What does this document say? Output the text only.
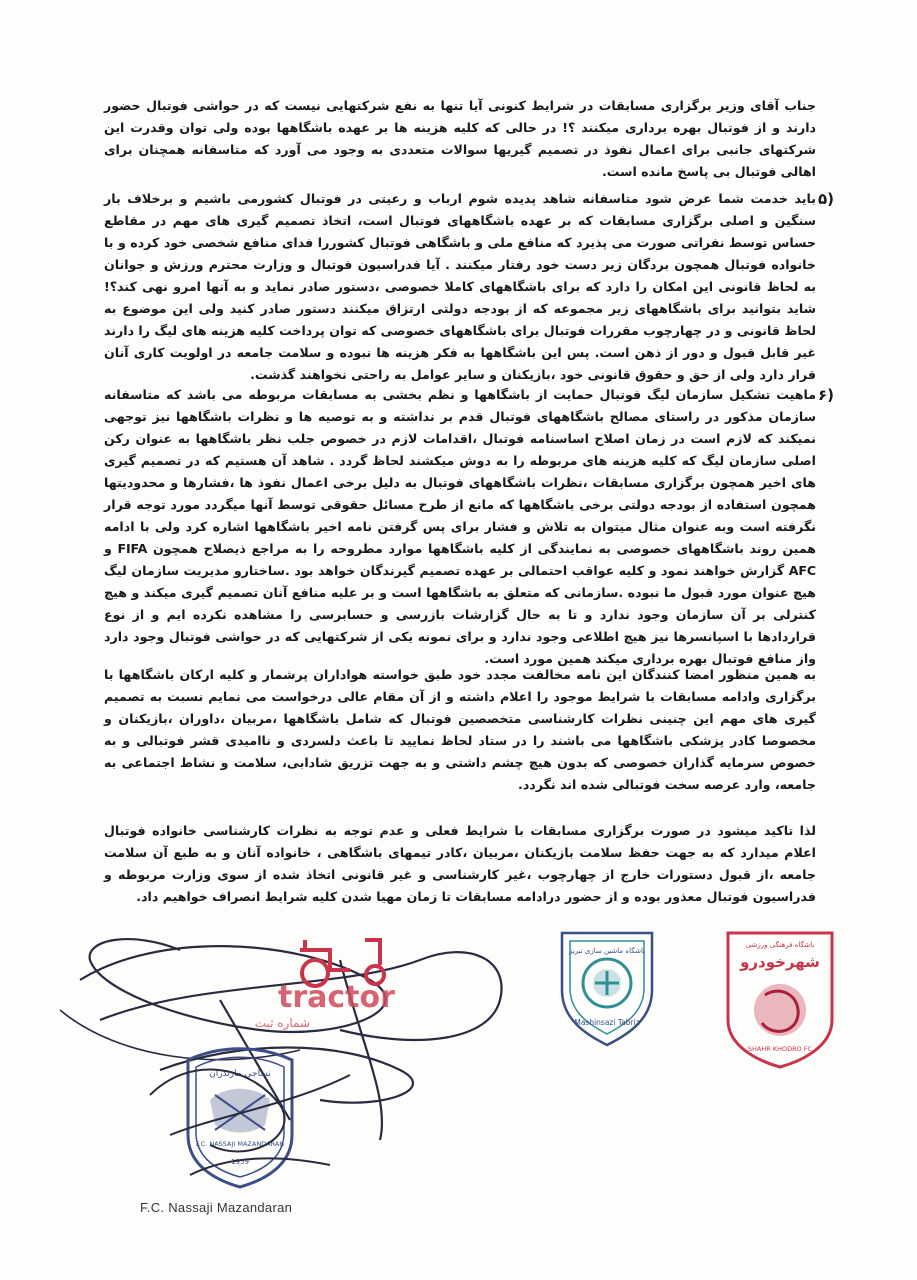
جناب آقای وزیر برگزاری مسابقات در شرایط کنونی آیا تنها به نفع شرکتهایی نیست که در حواشی فوتبال حضور دارند و از فوتبال بهره برداری میکنند ؟! در حالی که کلیه هزینه ها بر عهده باشگاهها بوده ولی توان وقدرت این شرکتهای جانبی برای اعمال نفوذ در تصمیم گیریها سوالات متعددی به وجود می آورد که متاسفانه همچنان برای اهالی فوتبال بی پاسخ مانده است.
۵)
باید خدمت شما عرض شود متاسفانه شاهد پدیده شوم ارباب و رعیتی در فوتبال کشورمی باشیم و برخلاف بار سنگین و اصلی برگزاری مسابقات که بر عهده باشگاههای فوتبال است، اتخاذ تصمیم گیری های مهم در مقاطع حساس توسط نفراتی صورت می پذیرد که منافع ملی و باشگاهی فوتبال کشوررا فدای منافع شخصی خود کرده و با خانواده فوتبال همچون بردگان زیر دست خود رفتار میکنند . آیا فدراسیون فوتبال و وزارت محترم ورزش و جوانان به لحاظ قانونی این امکان را دارد که برای باشگاههای کاملا خصوصی ،دستور صادر نماید و به آنها امرو نهی کند؟! شاید بتوانید برای باشگاههای زیر مجموعه که از بودجه دولتی ارتزاق میکنند دستور صادر کنید ولی این موضوع به لحاظ قانونی و در چهارچوب مقررات فوتبال برای باشگاههای خصوصی که توان پرداخت کلیه هزینه های لیگ را دارند غیر قابل قبول و دور از ذهن است. پس این باشگاهها به فکر هزینه ها نبوده و سلامت جامعه در اولویت کاری آنان قرار دارد ولی از حق و حقوق قانونی خود ،بازیکنان و سایر عوامل به راحتی نخواهند گذشت.
۶)
ماهیت تشکیل سازمان لیگ فوتبال حمایت از باشگاهها و نظم بخشی به مسابقات مربوطه می باشد که متاسفانه سازمان مذکور در راستای مصالح باشگاههای فوتبال قدم بر نداشته و به توصیه ها و نظرات باشگاهها نیز توجهی نمیکند که لازم است در زمان اصلاح اساسنامه فوتبال ،اقدامات لازم در خصوص جلب نظر باشگاهها به عنوان رکن اصلی سازمان لیگ که کلیه هزینه های مربوطه را به دوش میکشند لحاظ گردد . شاهد آن هستیم که در تصمیم گیری های اخیر همچون برگزاری مسابقات ،نظرات باشگاههای فوتبال به دلیل برخی اعمال نفوذ ها ،فشارها و محدودیتها همچون استفاده از بودجه دولتی برخی باشگاهها که مانع از طرح مسائل حقوقی توسط آنها میگردد مورد توجه قرار نگرفته است وبه عنوان مثال میتوان به تلاش و فشار برای پس گرفتن نامه اخیر باشگاهها اشاره کرد ولی با ادامه همین روند باشگاههای خصوصی به نمایندگی از کلیه باشگاهها موارد مطروحه را به مراجع ذیصلاح همچون FIFA و AFC گزارش خواهند نمود و کلیه عواقب احتمالی بر عهده تصمیم گیرندگان خواهد بود .ساختارو مدیریت سازمان لیگ هیچ عنوان مورد قبول ما نبوده .سازمانی که متعلق به باشگاهها است و بر علیه منافع آنان تصمیم گیری میکند و هیچ کنترلی بر آن سازمان وجود ندارد و تا به حال گزارشات بازرسی و حسابرسی را مشاهده نکرده ایم و از نوع قراردادها با اسپانسرها نیز هیچ اطلاعی وجود ندارد و برای نمونه یکی از شرکتهایی که در حواشی فوتبال وجود دارد واز منافع فوتبال بهره برداری میکند همین مورد است.
به همین منظور امضا کنندگان این نامه مخالفت مجدد خود طبق خواسته هواداران پرشمار و کلیه ارکان باشگاهها با برگزاری وادامه مسابقات با شرایط موجود را اعلام داشته و از آن مقام عالی درخواست می نمایم نسبت به تصمیم گیری های مهم این چنینی نظرات کارشناسی متخصصین فوتبال که شامل باشگاهها ،مربیان ،داوران ،بازیکنان و مخصوصا کادر پزشکی باشگاهها می باشند را در ستاد لحاظ نمایید تا باعث دلسردی و ناامیدی قشر فوتبالی و به خصوص سرمایه گذاران خصوصی که بدون هیچ چشم داشتی و به جهت تزریق شادابی، سلامت و نشاط اجتماعی به جامعه، وارد عرصه سخت فوتبالی شده اند نگردد.
لذا تاکید میشود در صورت برگزاری مسابقات با شرایط فعلی و عدم توجه به نظرات کارشناسی خانواده فوتبال اعلام میدارد که به جهت حفظ سلامت بازیکنان ،مربیان ،کادر تیمهای باشگاهی ، خانواده آنان و به طبع آن سلامت جامعه ،از قبول دستورات خارج از چهارچوب ،غیر کارشناسی و غیر قانونی اتخاذ شده از سوی وزارت مربوطه و فدراسیون فوتبال معذور بوده و از حضور درادامه مسابقات تا زمان مهیا شدن کلیه شرایط انصراف خواهیم داد.
tractor
شماره ثبت
باشگاه ماشین سازی تبریز
Mashinsazi Tabriz
باشگاه فرهنگی ورزشی
شهرخودرو
SHAHR KHODRO FC
نساجی مازندران
F.C. NASSAJI MAZANDARAN
1959
F.C. Nassaji Mazandaran
